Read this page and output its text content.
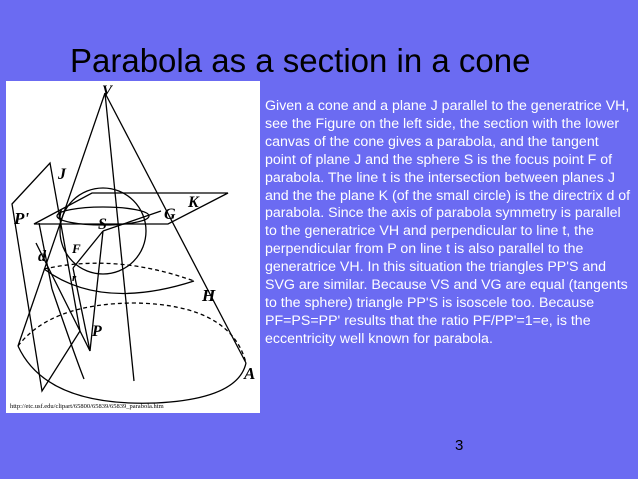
Parabola as a section in a cone
V
J
K
P' t
S
G
d F
r
H
P
A
http://etc.usf.edu/clipart/65800/65839/65839_parabola.htm
Given a cone and a plane J parallel to the generatrice VH, see the Figure on the left side, the section with the lower canvas of the cone gives a parabola, and the tangent point of plane J and the sphere S is the focus point F of parabola. The line t is the intersection between planes J and the the plane K (of the small circle) is the directrix d of parabola. Since the axis of parabola symmetry is parallel to the generatrice VH and perpendicular to line t, the perpendicular from P on line t is also parallel to the generatrice VH. In this situation the triangles PP'S and SVG are similar. Because VS and VG are equal (tangents to the sphere) triangle PP'S is isoscele too. Because PF=PS=PP' results that the ratio PF/PP'=1=e, is the eccentricity well known for parabola.
3
